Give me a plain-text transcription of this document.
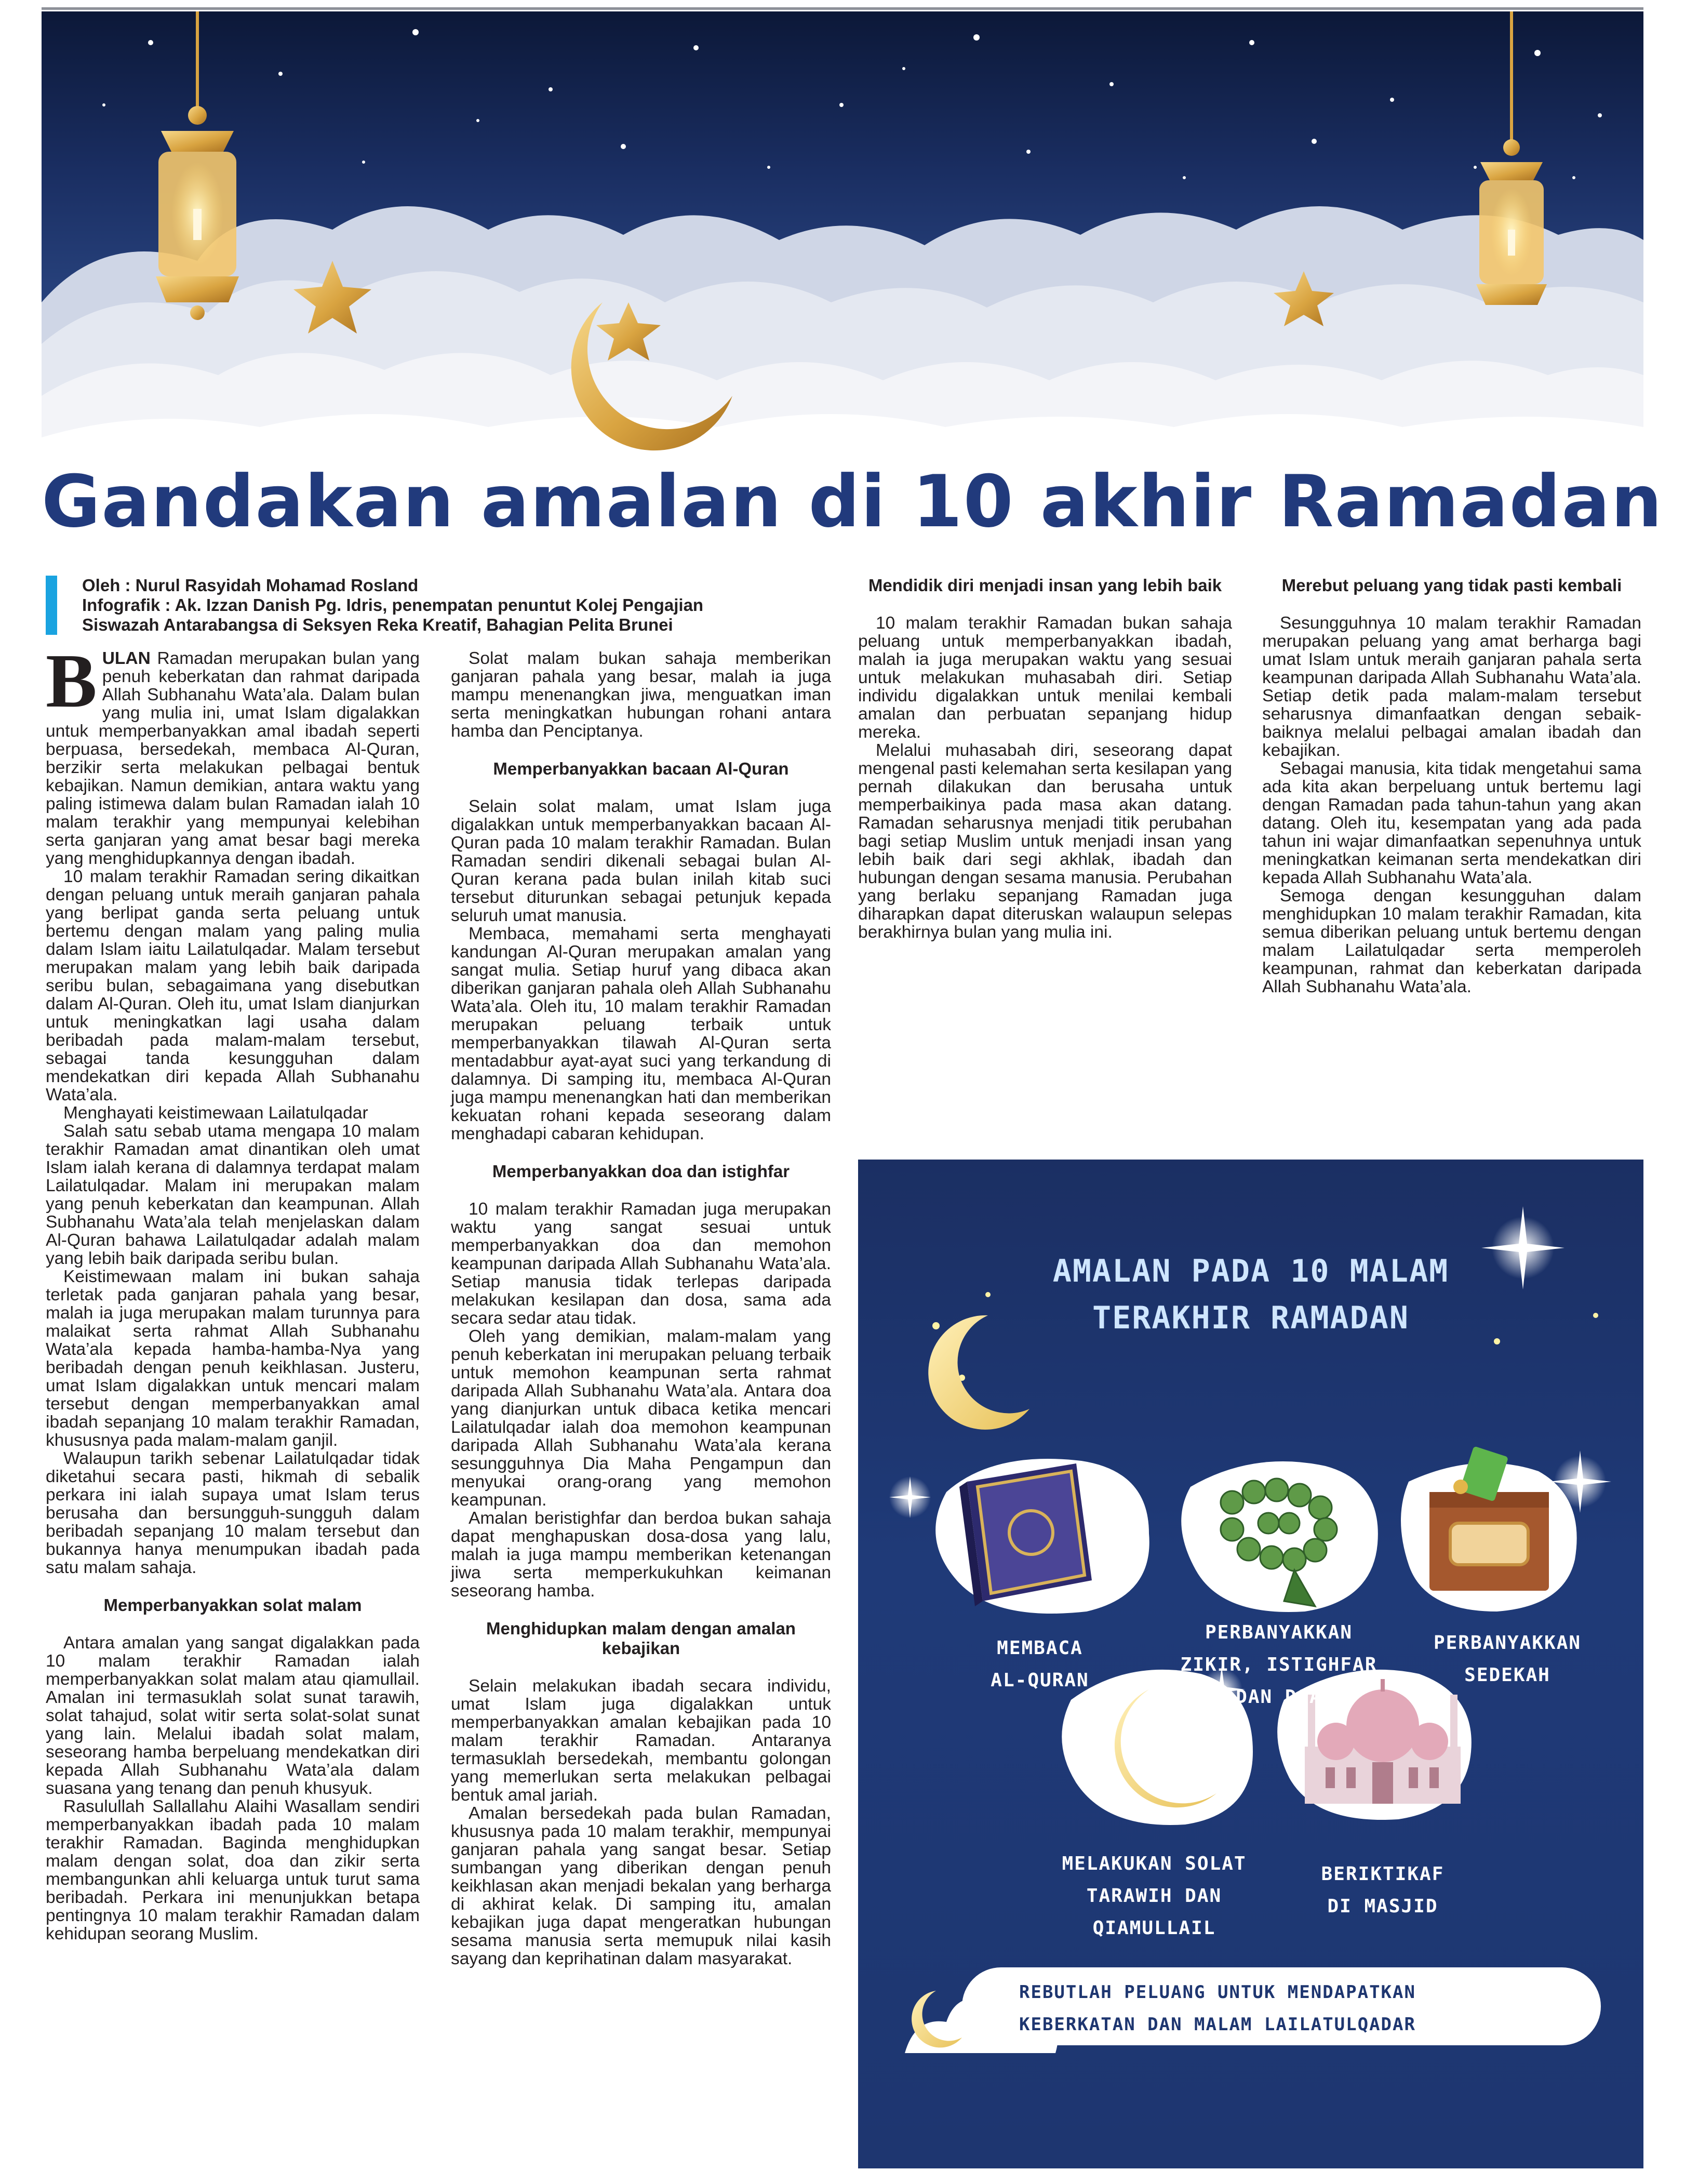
Gandakan amalan di 10 akhir Ramadan
Oleh : Nurul Rasyidah Mohamad Rosland
Infografik : Ak. Izzan Danish Pg. Idris, penempatan penuntut Kolej Pengajian
Siswazah Antarabangsa di Seksyen Reka Kreatif, Bahagian Pelita Brunei

BULAN Ramadan merupakan bulan yang penuh keberkatan dan rahmat daripada Allah Subhanahu Wata’ala. Dalam bulan yang mulia ini, umat Islam digalakkan untuk memperbanyakkan amal ibadah seperti berpuasa, bersedekah, membaca Al-Quran, berzikir serta melakukan pelbagai bentuk kebajikan. Namun demikian, antara waktu yang paling istimewa dalam bulan Ramadan ialah 10 malam terakhir yang mempunyai kelebihan serta ganjaran yang amat besar bagi mereka yang menghidupkannya dengan ibadah.

10 malam terakhir Ramadan sering dikaitkan dengan peluang untuk meraih ganjaran pahala yang berlipat ganda serta peluang untuk bertemu dengan malam yang paling mulia dalam Islam iaitu Lailatulqadar. Malam tersebut merupakan malam yang lebih baik daripada seribu bulan, sebagaimana yang disebutkan dalam Al-Quran. Oleh itu, umat Islam dianjurkan untuk meningkatkan lagi usaha dalam beribadah pada malam-malam tersebut, sebagai tanda kesungguhan dalam mendekatkan diri kepada Allah Subhanahu Wata’ala.

Menghayati keistimewaan Lailatulqadar

Salah satu sebab utama mengapa 10 malam terakhir Ramadan amat dinantikan oleh umat Islam ialah kerana di dalamnya terdapat malam Lailatulqadar. Malam ini merupakan malam yang penuh keberkatan dan keampunan. Allah Subhanahu Wata’ala telah menjelaskan dalam Al-Quran bahawa Lailatulqadar adalah malam yang lebih baik daripada seribu bulan.

Keistimewaan malam ini bukan sahaja terletak pada ganjaran pahala yang besar, malah ia juga merupakan malam turunnya para malaikat serta rahmat Allah Subhanahu Wata’ala kepada hamba-hamba-Nya yang beribadah dengan penuh keikhlasan. Justeru, umat Islam digalakkan untuk mencari malam tersebut dengan memperbanyakkan amal ibadah sepanjang 10 malam terakhir Ramadan, khususnya pada malam-malam ganjil.

Walaupun tarikh sebenar Lailatulqadar tidak diketahui secara pasti, hikmah di sebalik perkara ini ialah supaya umat Islam terus berusaha dan bersungguh-sungguh dalam beribadah sepanjang 10 malam tersebut dan bukannya hanya menumpukan ibadah pada satu malam sahaja.

Memperbanyakkan solat malam

Antara amalan yang sangat digalakkan pada 10 malam terakhir Ramadan ialah memperbanyakkan solat malam atau qiamullail. Amalan ini termasuklah solat sunat tarawih, solat tahajud, solat witir serta solat-solat sunat yang lain. Melalui ibadah solat malam, seseorang hamba berpeluang mendekatkan diri kepada Allah Subhanahu Wata’ala dalam suasana yang tenang dan penuh khusyuk.

Rasulullah Sallallahu Alaihi Wasallam sendiri memperbanyakkan ibadah pada 10 malam terakhir Ramadan. Baginda menghidupkan malam dengan solat, doa dan zikir serta membangunkan ahli keluarga untuk turut sama beribadah. Perkara ini menunjukkan betapa pentingnya 10 malam terakhir Ramadan dalam kehidupan seorang Muslim.

Solat malam bukan sahaja memberikan ganjaran pahala yang besar, malah ia juga mampu menenangkan jiwa, menguatkan iman serta meningkatkan hubungan rohani antara hamba dan Penciptanya.

Memperbanyakkan bacaan Al-Quran

Selain solat malam, umat Islam juga digalakkan untuk memperbanyakkan bacaan Al-Quran pada 10 malam terakhir Ramadan. Bulan Ramadan sendiri dikenali sebagai bulan Al-Quran kerana pada bulan inilah kitab suci tersebut diturunkan sebagai petunjuk kepada seluruh umat manusia.

Membaca, memahami serta menghayati kandungan Al-Quran merupakan amalan yang sangat mulia. Setiap huruf yang dibaca akan diberikan ganjaran pahala oleh Allah Subhanahu Wata’ala. Oleh itu, 10 malam terakhir Ramadan merupakan peluang terbaik untuk memperbanyakkan tilawah Al-Quran serta mentadabbur ayat-ayat suci yang terkandung di dalamnya. Di samping itu, membaca Al-Quran juga mampu menenangkan hati dan memberikan kekuatan rohani kepada seseorang dalam menghadapi cabaran kehidupan.

Memperbanyakkan doa dan istighfar

10 malam terakhir Ramadan juga merupakan waktu yang sangat sesuai untuk memperbanyakkan doa dan memohon keampunan daripada Allah Subhanahu Wata’ala. Setiap manusia tidak terlepas daripada melakukan kesilapan dan dosa, sama ada secara sedar atau tidak.

Oleh yang demikian, malam-malam yang penuh keberkatan ini merupakan peluang terbaik untuk memohon keampunan serta rahmat daripada Allah Subhanahu Wata’ala. Antara doa yang dianjurkan untuk dibaca ketika mencari Lailatulqadar ialah doa memohon keampunan daripada Allah Subhanahu Wata’ala kerana sesungguhnya Dia Maha Pengampun dan menyukai orang-orang yang memohon keampunan.

Amalan beristighfar dan berdoa bukan sahaja dapat menghapuskan dosa-dosa yang lalu, malah ia juga mampu memberikan ketenangan jiwa serta memperkukuhkan keimanan seseorang hamba.

Menghidupkan malam dengan amalan kebajikan

Selain melakukan ibadah secara individu, umat Islam juga digalakkan untuk memperbanyakkan amalan kebajikan pada 10 malam terakhir Ramadan. Antaranya termasuklah bersedekah, membantu golongan yang memerlukan serta melakukan pelbagai bentuk amal jariah.

Amalan bersedekah pada bulan Ramadan, khususnya pada 10 malam terakhir, mempunyai ganjaran pahala yang sangat besar. Setiap sumbangan yang diberikan dengan penuh keikhlasan akan menjadi bekalan yang berharga di akhirat kelak. Di samping itu, amalan kebajikan juga dapat mengeratkan hubungan sesama manusia serta memupuk nilai kasih sayang dan keprihatinan dalam masyarakat.

Mendidik diri menjadi insan yang lebih baik

10 malam terakhir Ramadan bukan sahaja peluang untuk memperbanyakkan ibadah, malah ia juga merupakan waktu yang sesuai untuk melakukan muhasabah diri. Setiap individu digalakkan untuk menilai kembali amalan dan perbuatan sepanjang hidup mereka.

Melalui muhasabah diri, seseorang dapat mengenal pasti kelemahan serta kesilapan yang pernah dilakukan dan berusaha untuk memperbaikinya pada masa akan datang. Ramadan seharusnya menjadi titik perubahan bagi setiap Muslim untuk menjadi insan yang lebih baik dari segi akhlak, ibadah dan hubungan dengan sesama manusia. Perubahan yang berlaku sepanjang Ramadan juga diharapkan dapat diteruskan walaupun selepas berakhirnya bulan yang mulia ini.

Merebut peluang yang tidak pasti kembali

Sesungguhnya 10 malam terakhir Ramadan merupakan peluang yang amat berharga bagi umat Islam untuk meraih ganjaran pahala serta keampunan daripada Allah Subhanahu Wata’ala. Setiap detik pada malam-malam tersebut seharusnya dimanfaatkan dengan sebaik-baiknya melalui pelbagai amalan ibadah dan kebajikan.

Sebagai manusia, kita tidak mengetahui sama ada kita akan berpeluang untuk bertemu lagi dengan Ramadan pada tahun-tahun yang akan datang. Oleh itu, kesempatan yang ada pada tahun ini wajar dimanfaatkan sepenuhnya untuk meningkatkan keimanan serta mendekatkan diri kepada Allah Subhanahu Wata’ala.

Semoga dengan kesungguhan dalam menghidupkan 10 malam terakhir Ramadan, kita semua diberikan peluang untuk bertemu dengan malam Lailatulqadar serta memperoleh keampunan, rahmat dan keberkatan daripada Allah Subhanahu Wata’ala.

AMALAN PADA 10 MALAM
TERAKHIR RAMADAN
MEMBACA
AL-QURAN
PERBANYAKKAN
ZIKIR, ISTIGHFAR
DAN DOA
PERBANYAKKAN
SEDEKAH
MELAKUKAN SOLAT
TARAWIH DAN
QIAMULLAIL
BERIKTIKAF
DI MASJID
REBUTLAH PELUANG UNTUK MENDAPATKAN
KEBERKATAN DAN MALAM LAILATULQADAR
